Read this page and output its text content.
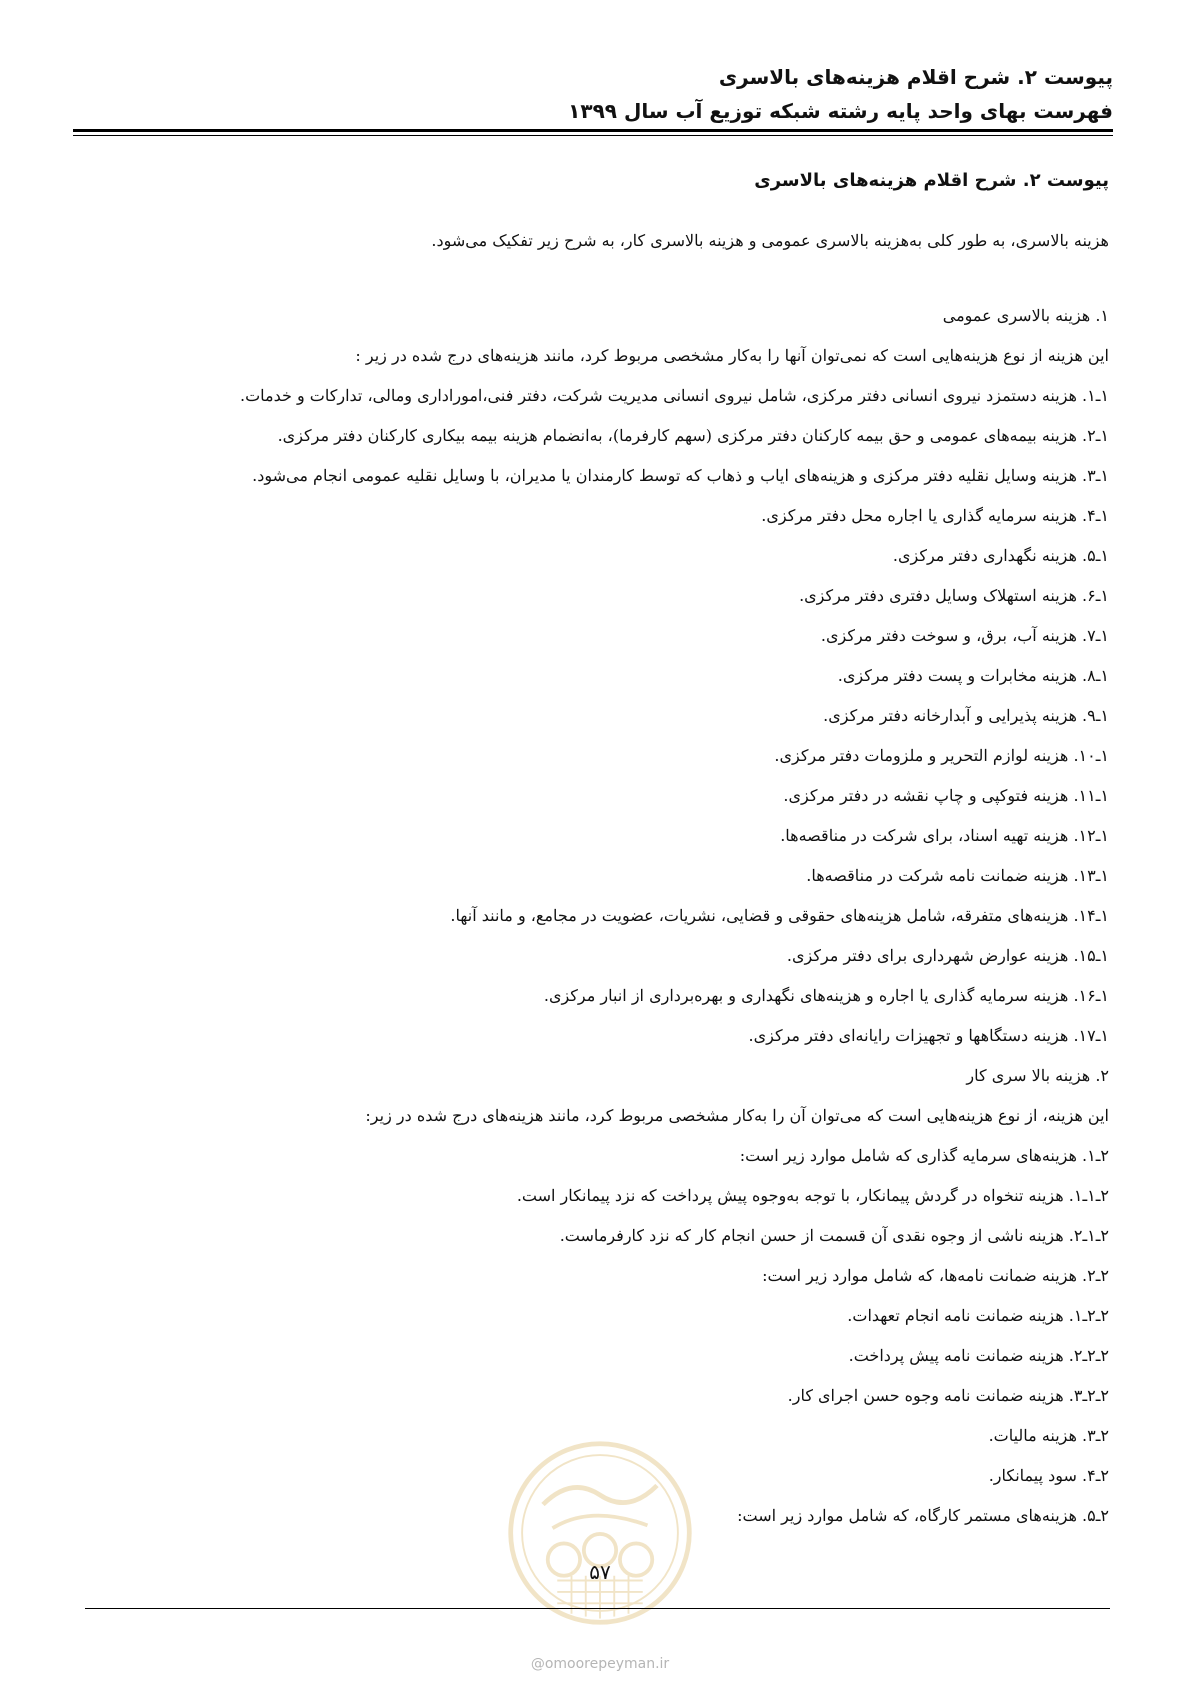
پیوست ۲. شرح اقلام هزینه‌های بالاسری
فهرست بهای واحد پایه رشته شبکه توزیع آب سال ۱۳۹۹
پیوست ۲. شرح اقلام هزینه‌های بالاسری
هزینه بالاسری، به طور کلی به‌هزینه بالاسری عمومی و هزینه بالاسری کار، به شرح زیر تفکیک می‌شود.
۱. هزینه بالاسری عمومی
این هزینه از نوع هزینه‌هایی است که نمی‌توان آنها را به‌کار مشخصی مربوط کرد، مانند هزینه‌های درج شده در زیر :
۱ـ۱. هزینه دستمزد نیروی انسانی دفتر مرکزی، شامل نیروی انسانی مدیریت شرکت، دفتر فنی،اموراداری ومالی، تدارکات و خدمات.
۱ـ۲. هزینه بیمه‌های عمومی و حق بیمه کارکنان دفتر مرکزی (سهم کارفرما)، به‌انضمام هزینه بیمه بیکاری کارکنان دفتر مرکزی.
۱ـ۳. هزینه وسایل نقلیه دفتر مرکزی و هزینه‌های ایاب و ذهاب که توسط کارمندان یا مدیران، با وسایل نقلیه عمومی انجام می‌شود.
۱ـ۴. هزینه سرمایه گذاری یا اجاره محل دفتر مرکزی.
۱ـ۵. هزینه نگهداری دفتر مرکزی.
۱ـ۶. هزینه استهلاک وسایل دفتری دفتر مرکزی.
۱ـ۷. هزینه آب، برق، و سوخت دفتر مرکزی.
۱ـ۸. هزینه مخابرات و پست دفتر مرکزی.
۱ـ۹. هزینه پذیرایی و آبدارخانه دفتر مرکزی.
۱ـ۱۰. هزینه لوازم التحریر و ملزومات دفتر مرکزی.
۱ـ۱۱. هزینه فتوکپی و چاپ نقشه در دفتر مرکزی.
۱ـ۱۲. هزینه تهیه اسناد، برای شرکت در مناقصه‌ها.
۱ـ۱۳. هزینه ضمانت نامه شرکت در مناقصه‌ها.
۱ـ۱۴. هزینه‌های متفرقه، شامل هزینه‌های حقوقی و قضایی، نشریات، عضویت در مجامع، و مانند آنها.
۱ـ۱۵. هزینه عوارض شهرداری برای دفتر مرکزی.
۱ـ۱۶. هزینه سرمایه گذاری یا اجاره و هزینه‌های نگهداری و بهره‌برداری از انبار مرکزی.
۱ـ۱۷. هزینه دستگاهها و تجهیزات رایانه‌ای دفتر مرکزی.
۲. هزینه بالا سری کار
این هزینه، از نوع هزینه‌هایی است که می‌توان آن را به‌کار مشخصی مربوط کرد، مانند هزینه‌های درج شده در زیر:
۲ـ۱. هزینه‌های سرمایه گذاری که شامل موارد زیر است:
۲ـ۱ـ۱. هزینه تنخواه در گردش پیمانکار، با توجه به‌وجوه پیش پرداخت که نزد پیمانکار است.
۲ـ۱ـ۲. هزینه ناشی از وجوه نقدی آن قسمت از حسن انجام کار که نزد کارفرماست.
۲ـ۲. هزینه ضمانت نامه‌ها، که شامل موارد زیر است:
۲ـ۲ـ۱. هزینه ضمانت نامه انجام تعهدات.
۲ـ۲ـ۲. هزینه ضمانت نامه پیش پرداخت.
۲ـ۲ـ۳. هزینه ضمانت نامه وجوه حسن اجرای کار.
۲ـ۳. هزینه مالیات.
۲ـ۴. سود پیمانکار.
۲ـ۵. هزینه‌های مستمر کارگاه، که شامل موارد زیر است:
۵۷
@omoorepeyman.ir
